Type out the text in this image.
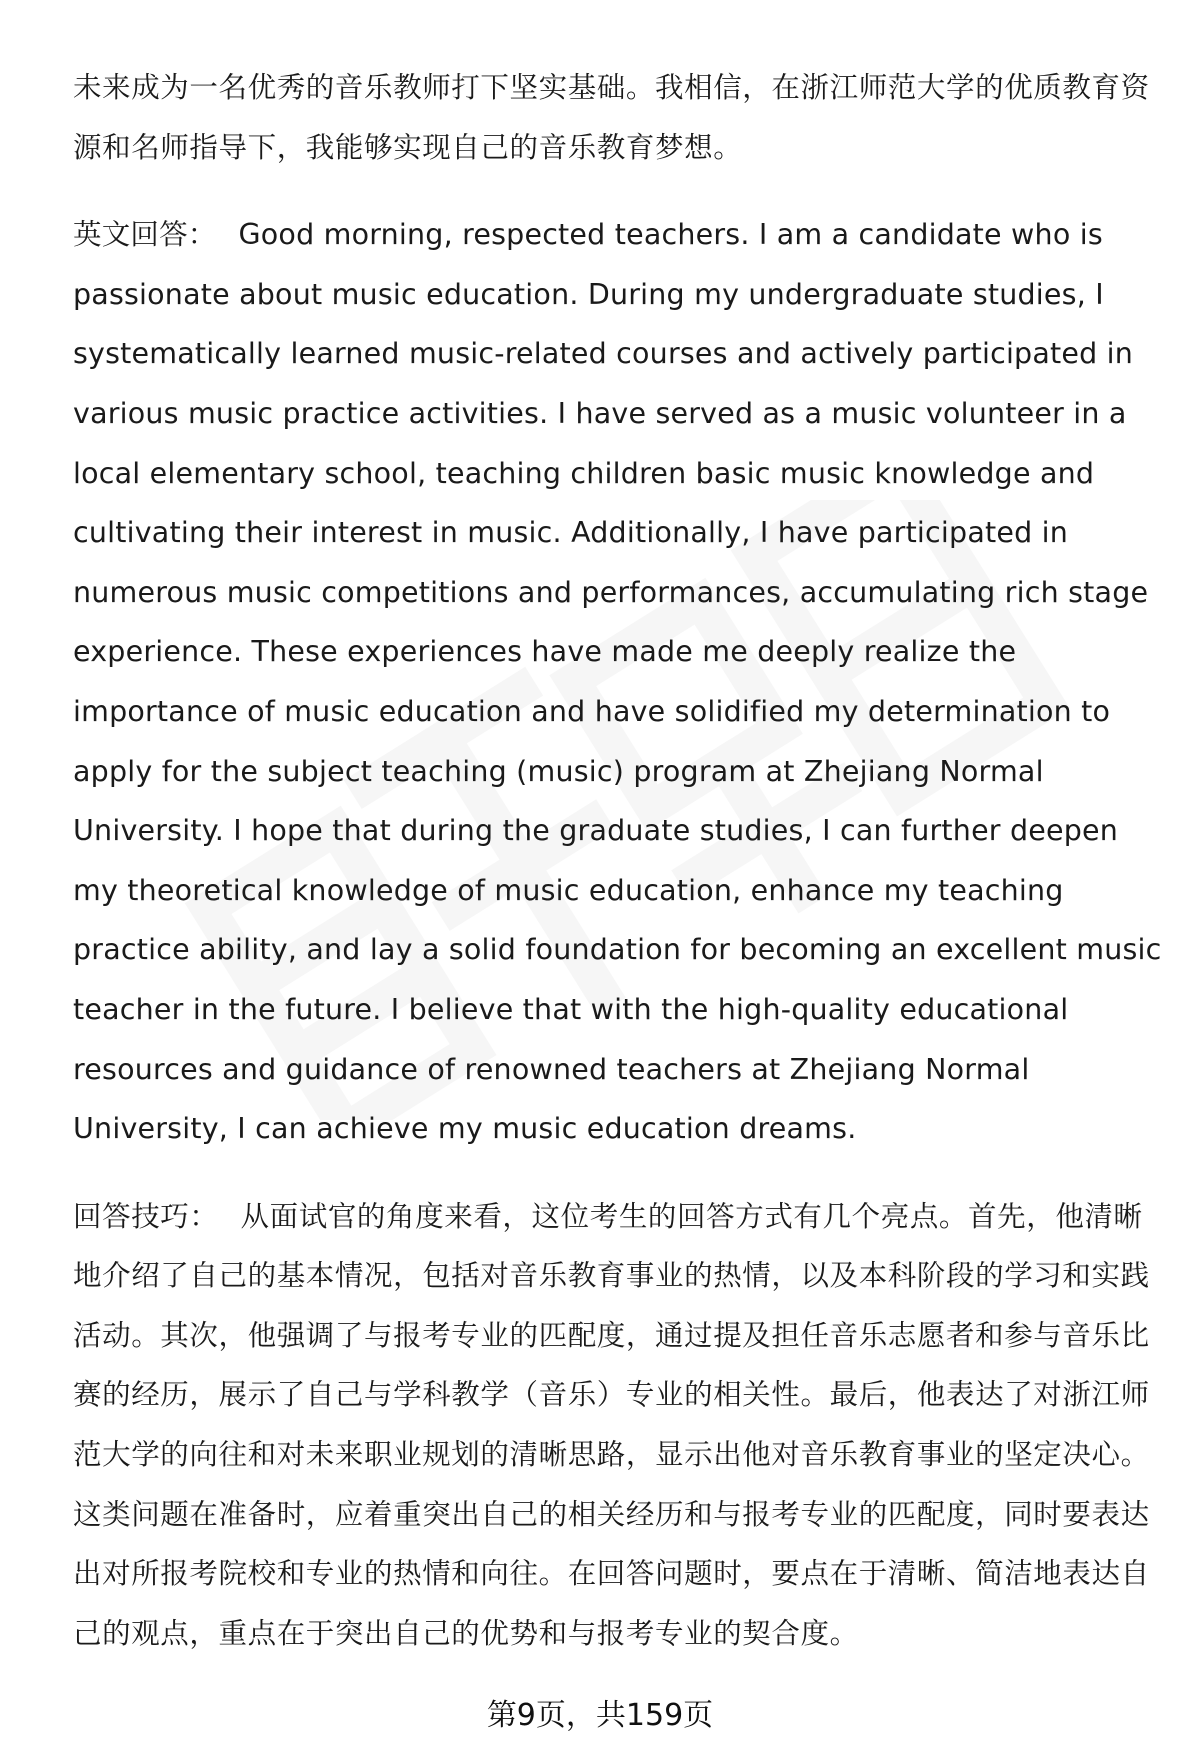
未来成为一名优秀的音乐教师打下坚实基础。我相信，在浙江师范大学的优质教育资源和名师指导下，我能够实现自己的音乐教育梦想。

英文回答： Good morning, respected teachers. I am a candidate who is passionate about music education. During my undergraduate studies, I systematically learned music-related courses and actively participated in various music practice activities. I have served as a music volunteer in a local elementary school, teaching children basic music knowledge and cultivating their interest in music. Additionally, I have participated in numerous music competitions and performances, accumulating rich stage experience. These experiences have made me deeply realize the importance of music education and have solidified my determination to apply for the subject teaching (music) program at Zhejiang Normal University. I hope that during the graduate studies, I can further deepen my theoretical knowledge of music education, enhance my teaching practice ability, and lay a solid foundation for becoming an excellent music teacher in the future. I believe that with the high-quality educational resources and guidance of renowned teachers at Zhejiang Normal University, I can achieve my music education dreams.

回答技巧： 从面试官的角度来看，这位考生的回答方式有几个亮点。首先，他清晰地介绍了自己的基本情况，包括对音乐教育事业的热情，以及本科阶段的学习和实践活动。其次，他强调了与报考专业的匹配度，通过提及担任音乐志愿者和参与音乐比赛的经历，展示了自己与学科教学（音乐）专业的相关性。最后，他表达了对浙江师范大学的向往和对未来职业规划的清晰思路，显示出他对音乐教育事业的坚定决心。这类问题在准备时，应着重突出自己的相关经历和与报考专业的匹配度，同时要表达出对所报考院校和专业的热情和向往。在回答问题时，要点在于清晰、简洁地表达自己的观点，重点在于突出自己的优势和与报考专业的契合度。

第9页，共159页
